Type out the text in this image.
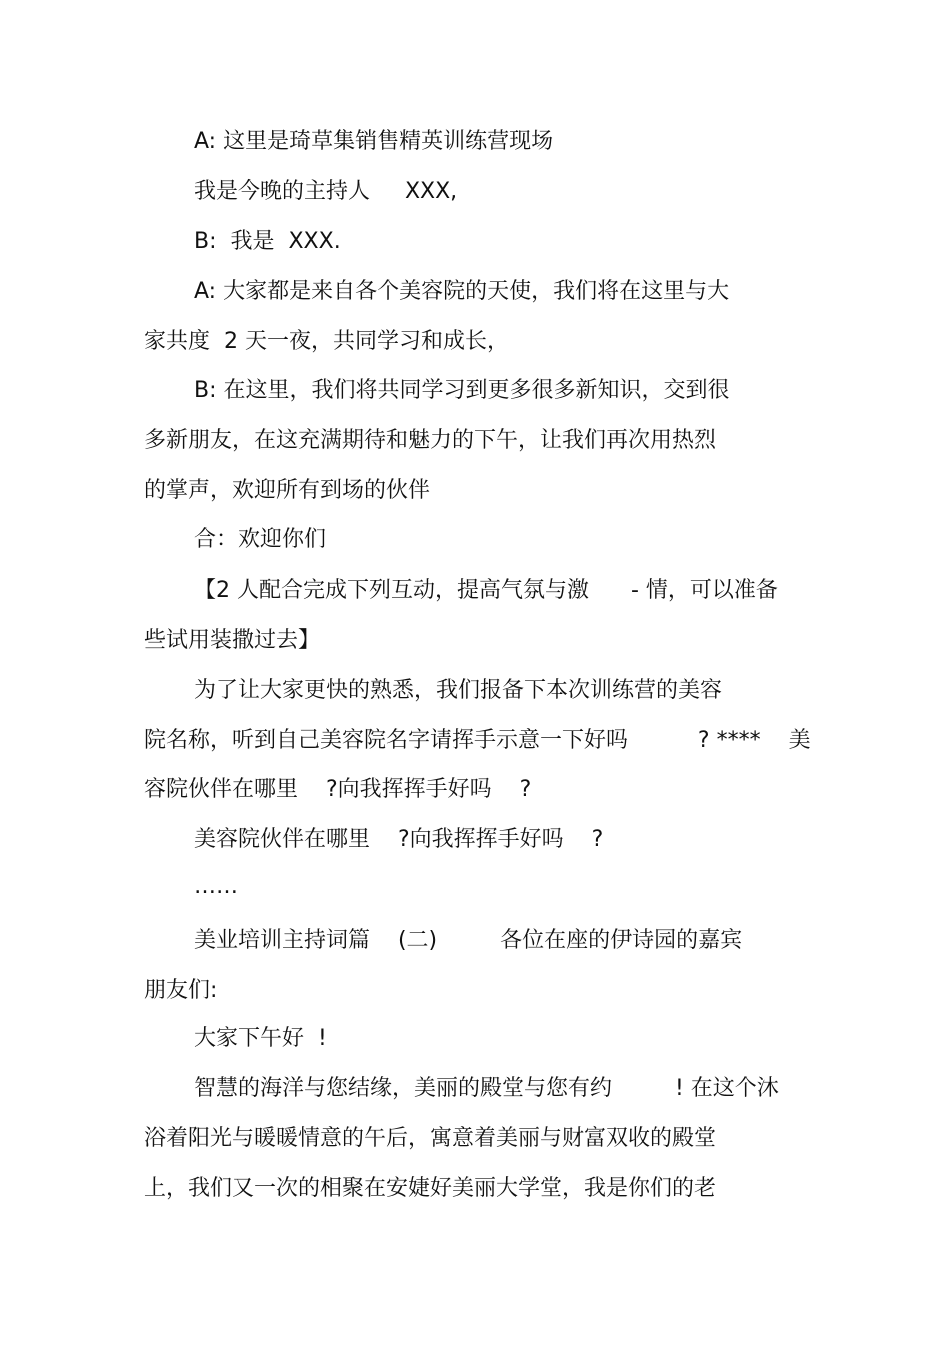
A: 这里是琦草集销售精英训练营现场
我是今晚的主持人     XXX,
B:  我是  XXX.
A: 大家都是来自各个美容院的天使，我们将在这里与大
家共度  2 天一夜，共同学习和成长，
B: 在这里，我们将共同学习到更多很多新知识，交到很
多新朋友，在这充满期待和魅力的下午，让我们再次用热烈
的掌声，欢迎所有到场的伙伴
合：欢迎你们
【2 人配合完成下列互动，提高气氛与激      - 情，可以准备
些试用装撒过去】
为了让大家更快的熟悉，我们报备下本次训练营的美容
院名称，听到自己美容院名字请挥手示意一下好吗          ? ****    美
容院伙伴在哪里    ?向我挥挥手好吗    ?
美容院伙伴在哪里    ?向我挥挥手好吗    ?
……
美业培训主持词篇    (二)         各位在座的伊诗园的嘉宾
朋友们:
大家下午好  !
智慧的海洋与您结缘，美丽的殿堂与您有约         ! 在这个沐
浴着阳光与暖暖情意的午后，寓意着美丽与财富双收的殿堂
上，我们又一次的相聚在安婕好美丽大学堂，我是你们的老
